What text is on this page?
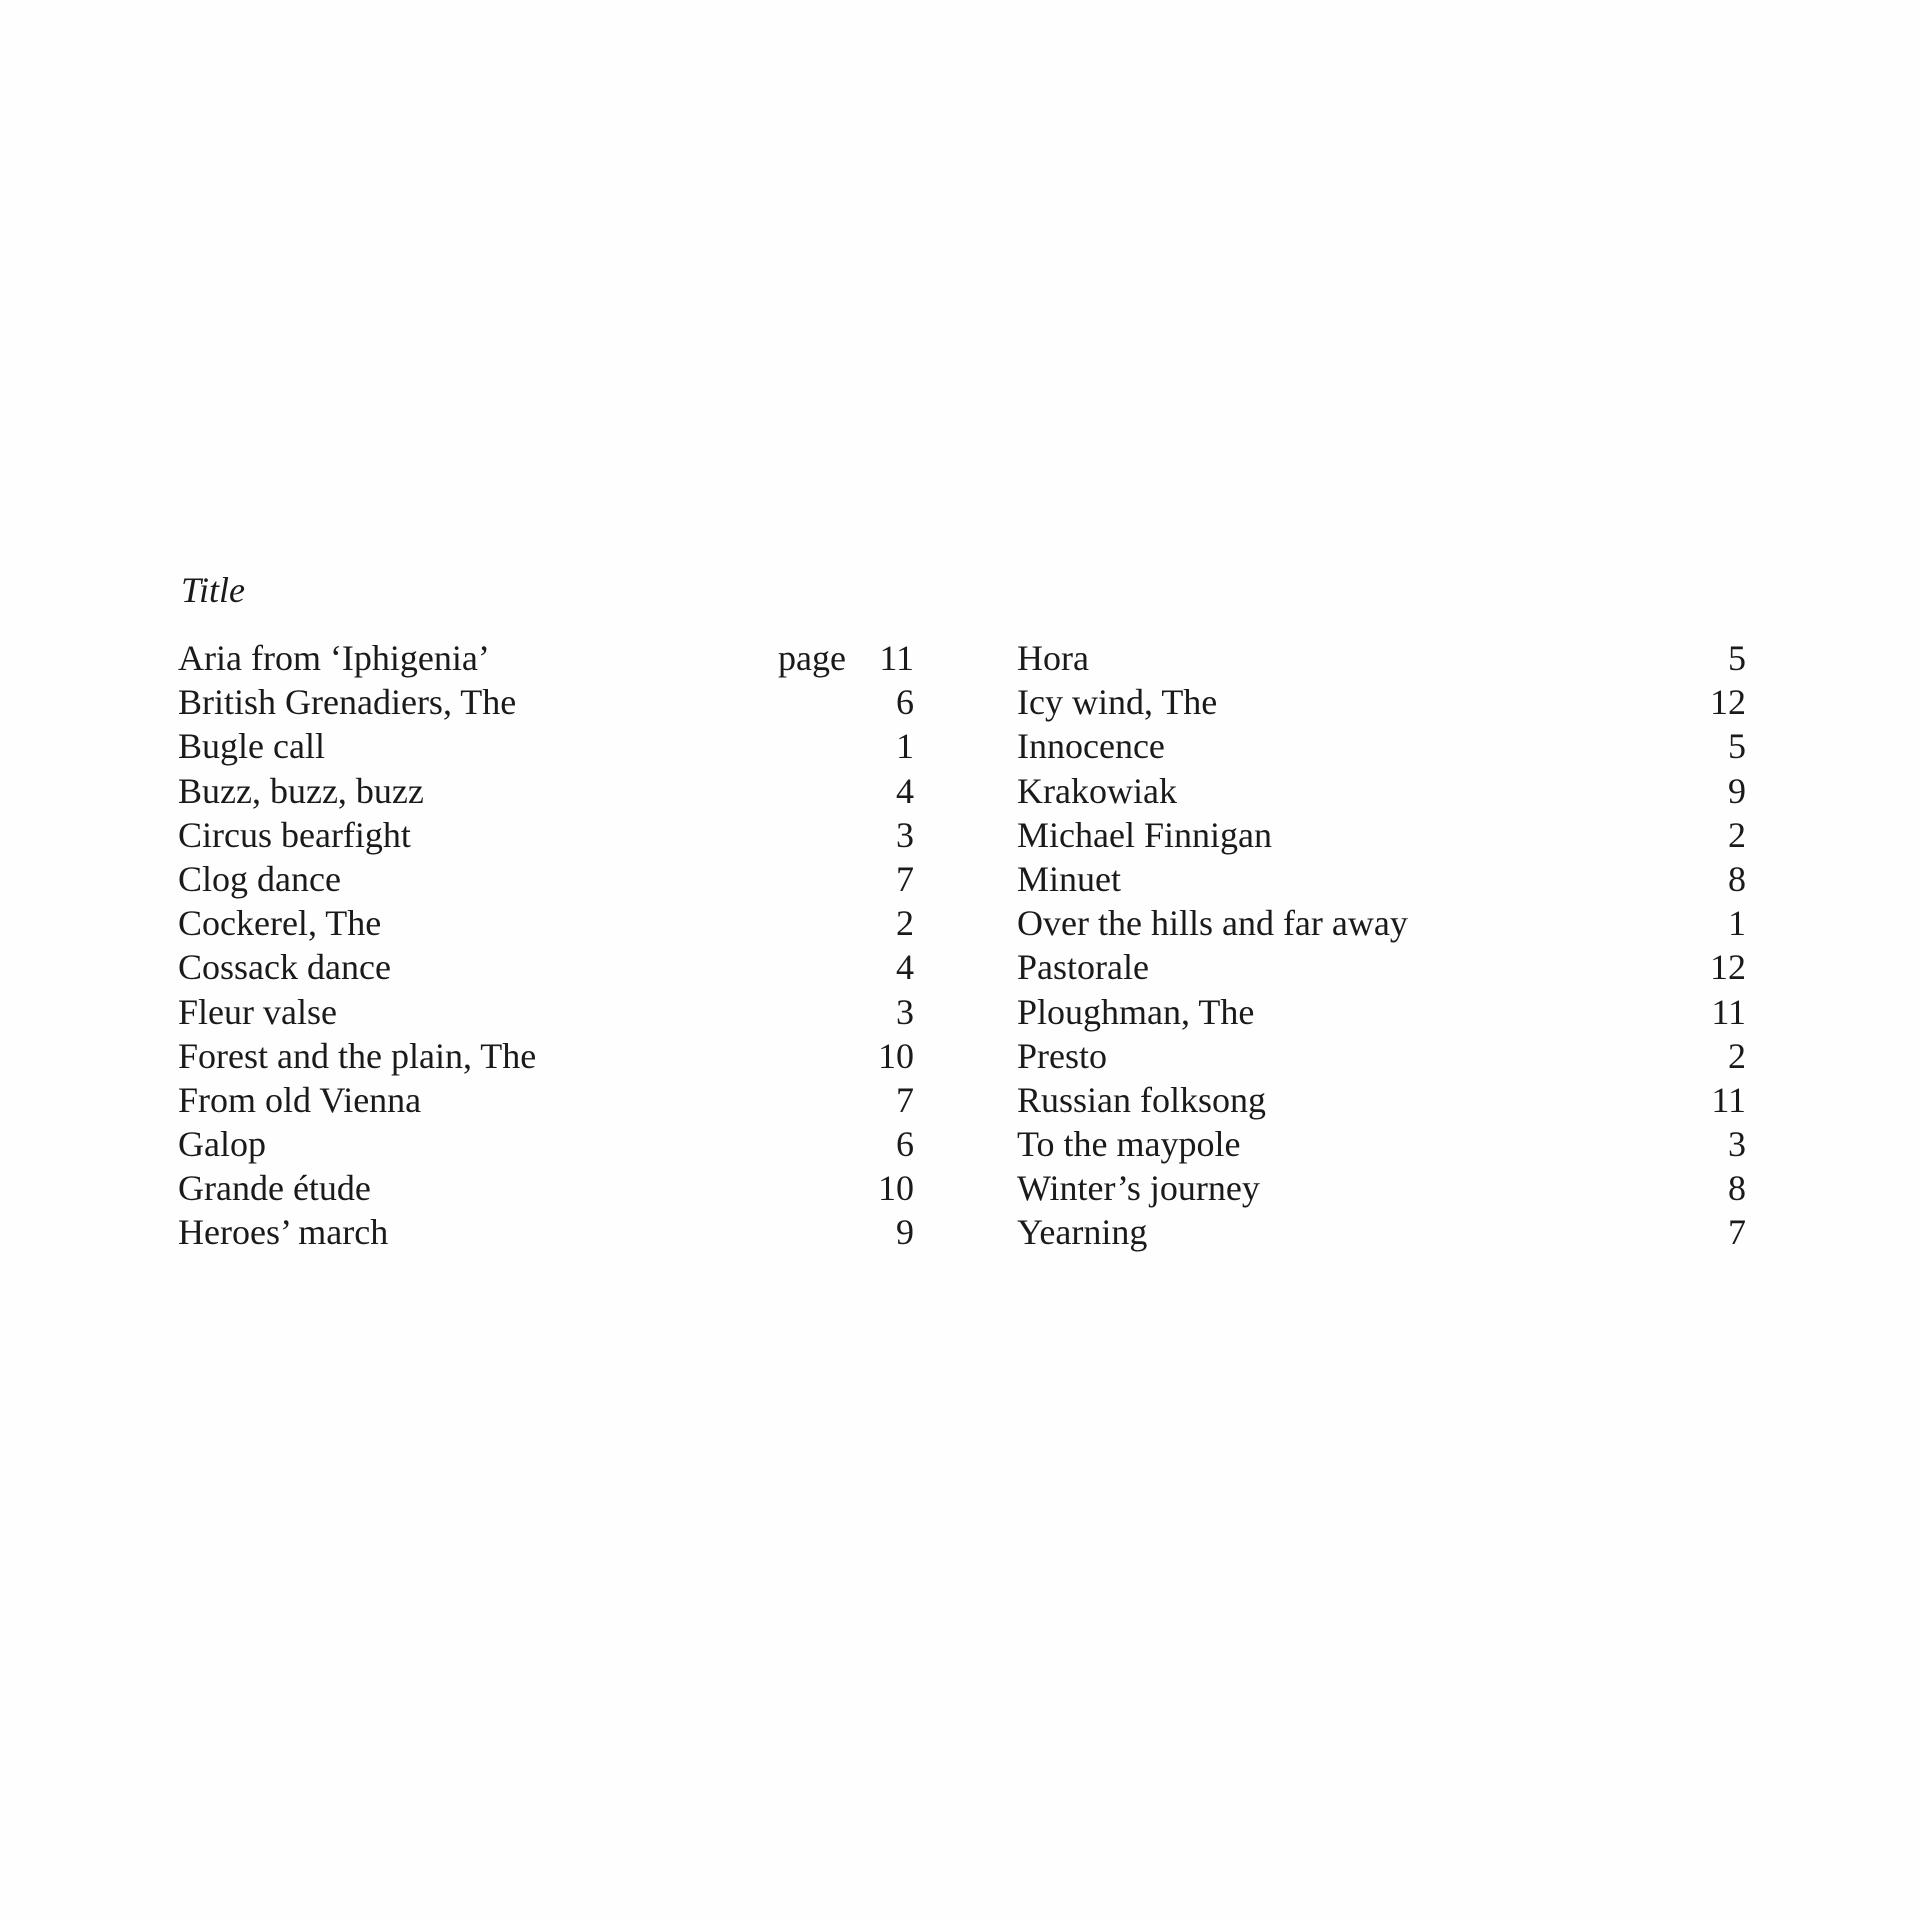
Title
Aria from ‘Iphigenia’	page 11
British Grenadiers, The	6
Bugle call	1
Buzz, buzz, buzz	4
Circus bearfight	3
Clog dance	7
Cockerel, The	2
Cossack dance	4
Fleur valse	3
Forest and the plain, The	10
From old Vienna	7
Galop	6
Grande étude	10
Heroes’ march	9
Hora	5
Icy wind, The	12
Innocence	5
Krakowiak	9
Michael Finnigan	2
Minuet	8
Over the hills and far away	1
Pastorale	12
Ploughman, The	11
Presto	2
Russian folksong	11
To the maypole	3
Winter’s journey	8
Yearning	7
